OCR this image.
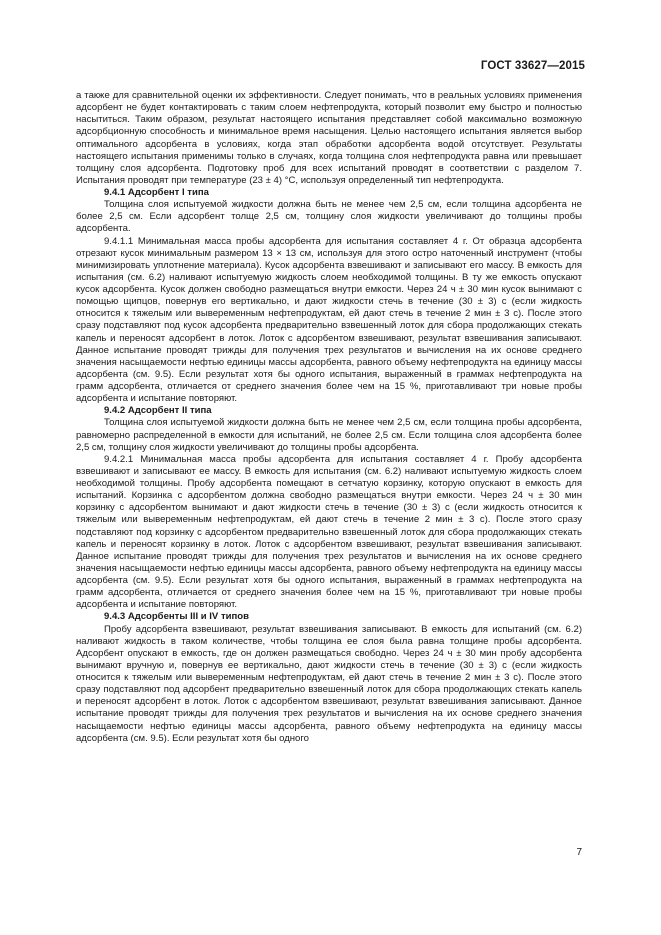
ГОСТ 33627—2015

а также для сравнительной оценки их эффективности. Следует понимать, что в реальных условиях применения адсорбент не будет контактировать с таким слоем нефтепродукта, который позволит ему быстро и полностью насытиться. Таким образом, результат настоящего испытания представляет собой максимально возможную адсорбционную способность и минимальное время насыщения. Целью настоящего испытания является выбор оптимального адсорбента в условиях, когда этап обработки адсорбента водой отсутствует. Результаты настоящего испытания применимы только в случаях, когда толщина слоя нефтепродукта равна или превышает толщину слоя адсорбента. Подготовку проб для всех испытаний проводят в соответствии с разделом 7. Испытания проводят при температуре (23 ± 4) °С, используя определенный тип нефтепродукта.

9.4.1 Адсорбент I типа

Толщина слоя испытуемой жидкости должна быть не менее чем 2,5 см, если толщина адсорбента не более 2,5 см. Если адсорбент толще 2,5 см, толщину слоя жидкости увеличивают до толщины пробы адсорбента.

9.4.1.1 Минимальная масса пробы адсорбента для испытания составляет 4 г. От образца адсорбента отрезают кусок минимальным размером 13 × 13 см, используя для этого остро наточенный инструмент (чтобы минимизировать уплотнение материала). Кусок адсорбента взвешивают и записывают его массу. В емкость для испытания (см. 6.2) наливают испытуемую жидкость слоем необходимой толщины. В ту же емкость опускают кусок адсорбента. Кусок должен свободно размещаться внутри емкости. Через 24 ч ± 30 мин кусок вынимают с помощью щипцов, повернув его вертикально, и дают жидкости стечь в течение (30 ± 3) с (если жидкость относится к тяжелым или вывеременным нефтепродуктам, ей дают стечь в течение 2 мин ± 3 с). После этого сразу подставляют под кусок адсорбента предварительно взвешенный лоток для сбора продолжающих стекать капель и переносят адсорбент в лоток. Лоток с адсорбентом взвешивают, результат взвешивания записывают. Данное испытание проводят трижды для получения трех результатов и вычисления на их основе среднего значения насыщаемости нефтью единицы массы адсорбента, равного объему нефтепродукта на единицу массы адсорбента (см. 9.5). Если результат хотя бы одного испытания, выраженный в граммах нефтепродукта на грамм адсорбента, отличается от среднего значения более чем на 15 %, приготавливают три новые пробы адсорбента и испытание повторяют.

9.4.2 Адсорбент II типа

Толщина слоя испытуемой жидкости должна быть не менее чем 2,5 см, если толщина пробы адсорбента, равномерно распределенной в емкости для испытаний, не более 2,5 см. Если толщина слоя адсорбента более 2,5 см, толщину слоя жидкости увеличивают до толщины пробы адсорбента.

9.4.2.1 Минимальная масса пробы адсорбента для испытания составляет 4 г. Пробу адсорбента взвешивают и записывают ее массу. В емкость для испытания (см. 6.2) наливают испытуемую жидкость слоем необходимой толщины. Пробу адсорбента помещают в сетчатую корзинку, которую опускают в емкость для испытаний. Корзинка с адсорбентом должна свободно размещаться внутри емкости. Через 24 ч ± 30 мин корзинку с адсорбентом вынимают и дают жидкости стечь в течение (30 ± 3) с (если жидкость относится к тяжелым или вывеременным нефтепродуктам, ей дают стечь в течение 2 мин ± 3 с). После этого сразу подставляют под корзинку с адсорбентом предварительно взвешенный лоток для сбора продолжающих стекать капель и переносят корзинку в лоток. Лоток с адсорбентом взвешивают, результат взвешивания записывают. Данное испытание проводят трижды для получения трех результатов и вычисления на их основе среднего значения насыщаемости нефтью единицы массы адсорбента, равного объему нефтепродукта на единицу массы адсорбента (см. 9.5). Если результат хотя бы одного испытания, выраженный в граммах нефтепродукта на грамм адсорбента, отличается от среднего значения более чем на 15 %, приготавливают три новые пробы адсорбента и испытание повторяют.

9.4.3 Адсорбенты III и IV типов

Пробу адсорбента взвешивают, результат взвешивания записывают. В емкость для испытаний (см. 6.2) наливают жидкость в таком количестве, чтобы толщина ее слоя была равна толщине пробы адсорбента. Адсорбент опускают в емкость, где он должен размещаться свободно. Через 24 ч ± 30 мин пробу адсорбента вынимают вручную и, повернув ее вертикально, дают жидкости стечь в течение (30 ± 3) с (если жидкость относится к тяжелым или вывеременным нефтепродуктам, ей дают стечь в течение 2 мин ± 3 с). После этого сразу подставляют под адсорбент предварительно взвешенный лоток для сбора продолжающих стекать капель и переносят адсорбент в лоток. Лоток с адсорбентом взвешивают, результат взвешивания записывают. Данное испытание проводят трижды для получения трех результатов и вычисления на их основе среднего значения насыщаемости нефтью единицы массы адсорбента, равного объему нефтепродукта на единицу массы адсорбента (см. 9.5). Если результат хотя бы одного

7
